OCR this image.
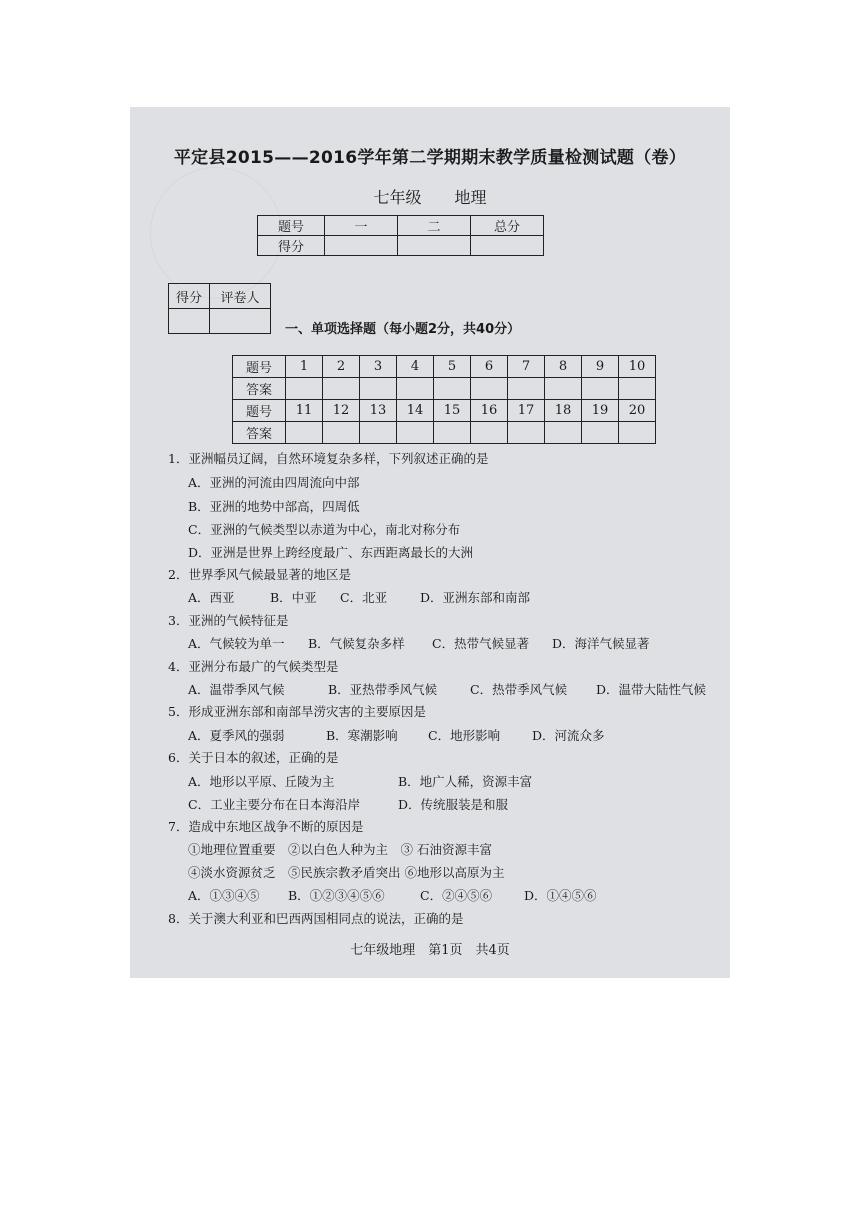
平定县2015——2016学年第二学期期末教学质量检测试题（卷）
七年级 地理
题号	一	二	总分
得分			
得分	评卷人

一、单项选择题（每小题2分，共40分）
题号	1	2	3	4	5	6	7	8	9	10
答案										
题号	11	12	13	14	15	16	17	18	19	20
答案										
1．亚洲幅员辽阔，自然环境复杂多样，下列叙述正确的是
A．亚洲的河流由四周流向中部
B．亚洲的地势中部高，四周低
C．亚洲的气候类型以赤道为中心，南北对称分布
D．亚洲是世界上跨经度最广、东西距离最长的大洲
2．世界季风气候最显著的地区是
A．西亚	B．中亚 C．北亚	D．亚洲东部和南部
3．亚洲的气候特征是
A．气候较为单一 B．气候复杂多样 C．热带气候显著 D．海洋气候显著
4．亚洲分布最广的气候类型是
A．温带季风气候	B．亚热带季风气候	C．热带季风气候 D．温带大陆性气候
5．形成亚洲东部和南部旱涝灾害的主要原因是
A．夏季风的强弱	B．寒潮影响 C．地形影响	D．河流众多
6．关于日本的叙述，正确的是
A．地形以平原、丘陵为主	B．地广人稀，资源丰富
C．工业主要分布在日本海沿岸	D．传统服装是和服
7．造成中东地区战争不断的原因是
①地理位置重要　②以白色人种为主　③ 石油资源丰富
④淡水资源贫乏　⑤民族宗教矛盾突出 ⑥地形以高原为主
A．①③④⑤ B．①②③④⑤⑥	C．②④⑤⑥	D．①④⑤⑥
8．关于澳大利亚和巴西两国相同点的说法，正确的是
七年级地理　第1页　共4页
